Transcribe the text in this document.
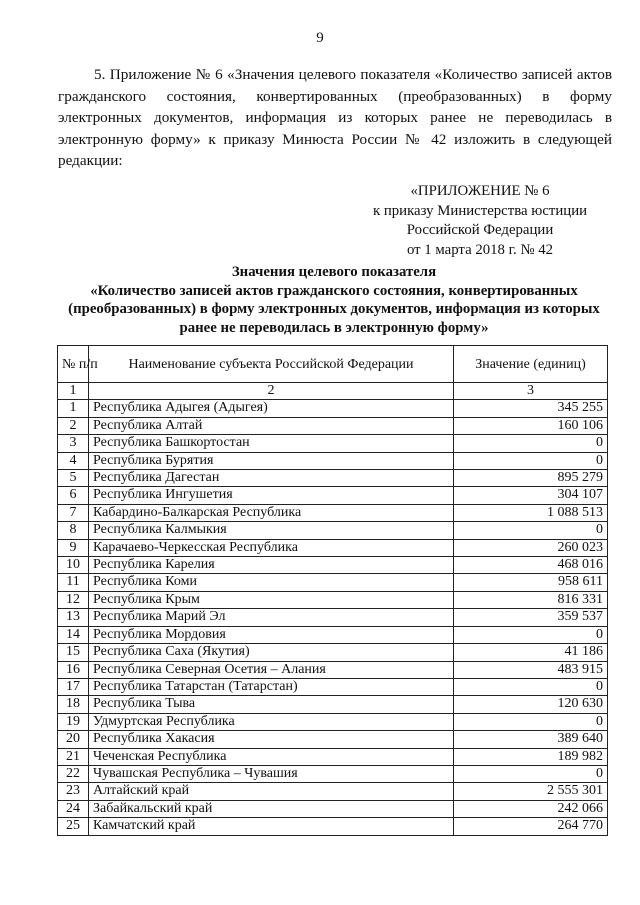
9

5. Приложение № 6 «Значения целевого показателя «Количество записей актов гражданского состояния, конвертированных (преобразованных) в форму электронных документов, информация из которых ранее не переводилась в электронную форму» к приказу Минюста России № 42 изложить в следующей редакции:

«ПРИЛОЖЕНИЕ № 6
к приказу Министерства юстиции
Российской Федерации
от 1 марта 2018 г. № 42
Значения целевого показателя
«Количество записей актов гражданского состояния, конвертированных
(преобразованных) в форму электронных документов, информация из которых
ранее не переводилась в электронную форму»
№ п/п	Наименование субъекта Российской Федерации	Значение (единиц)
1	2	3
1	Республика Адыгея (Адыгея)	345 255
2	Республика Алтай	160 106
3	Республика Башкортостан	0
4	Республика Бурятия	0
5	Республика Дагестан	895 279
6	Республика Ингушетия	304 107
7	Кабардино-Балкарская Республика	1 088 513
8	Республика Калмыкия	0
9	Карачаево-Черкесская Республика	260 023
10	Республика Карелия	468 016
11	Республика Коми	958 611
12	Республика Крым	816 331
13	Республика Марий Эл	359 537
14	Республика Мордовия	0
15	Республика Саха (Якутия)	41 186
16	Республика Северная Осетия – Алания	483 915
17	Республика Татарстан (Татарстан)	0
18	Республика Тыва	120 630
19	Удмуртская Республика	0
20	Республика Хакасия	389 640
21	Чеченская Республика	189 982
22	Чувашская Республика – Чувашия	0
23	Алтайский край	2 555 301
24	Забайкальский край	242 066
25	Камчатский край	264 770
